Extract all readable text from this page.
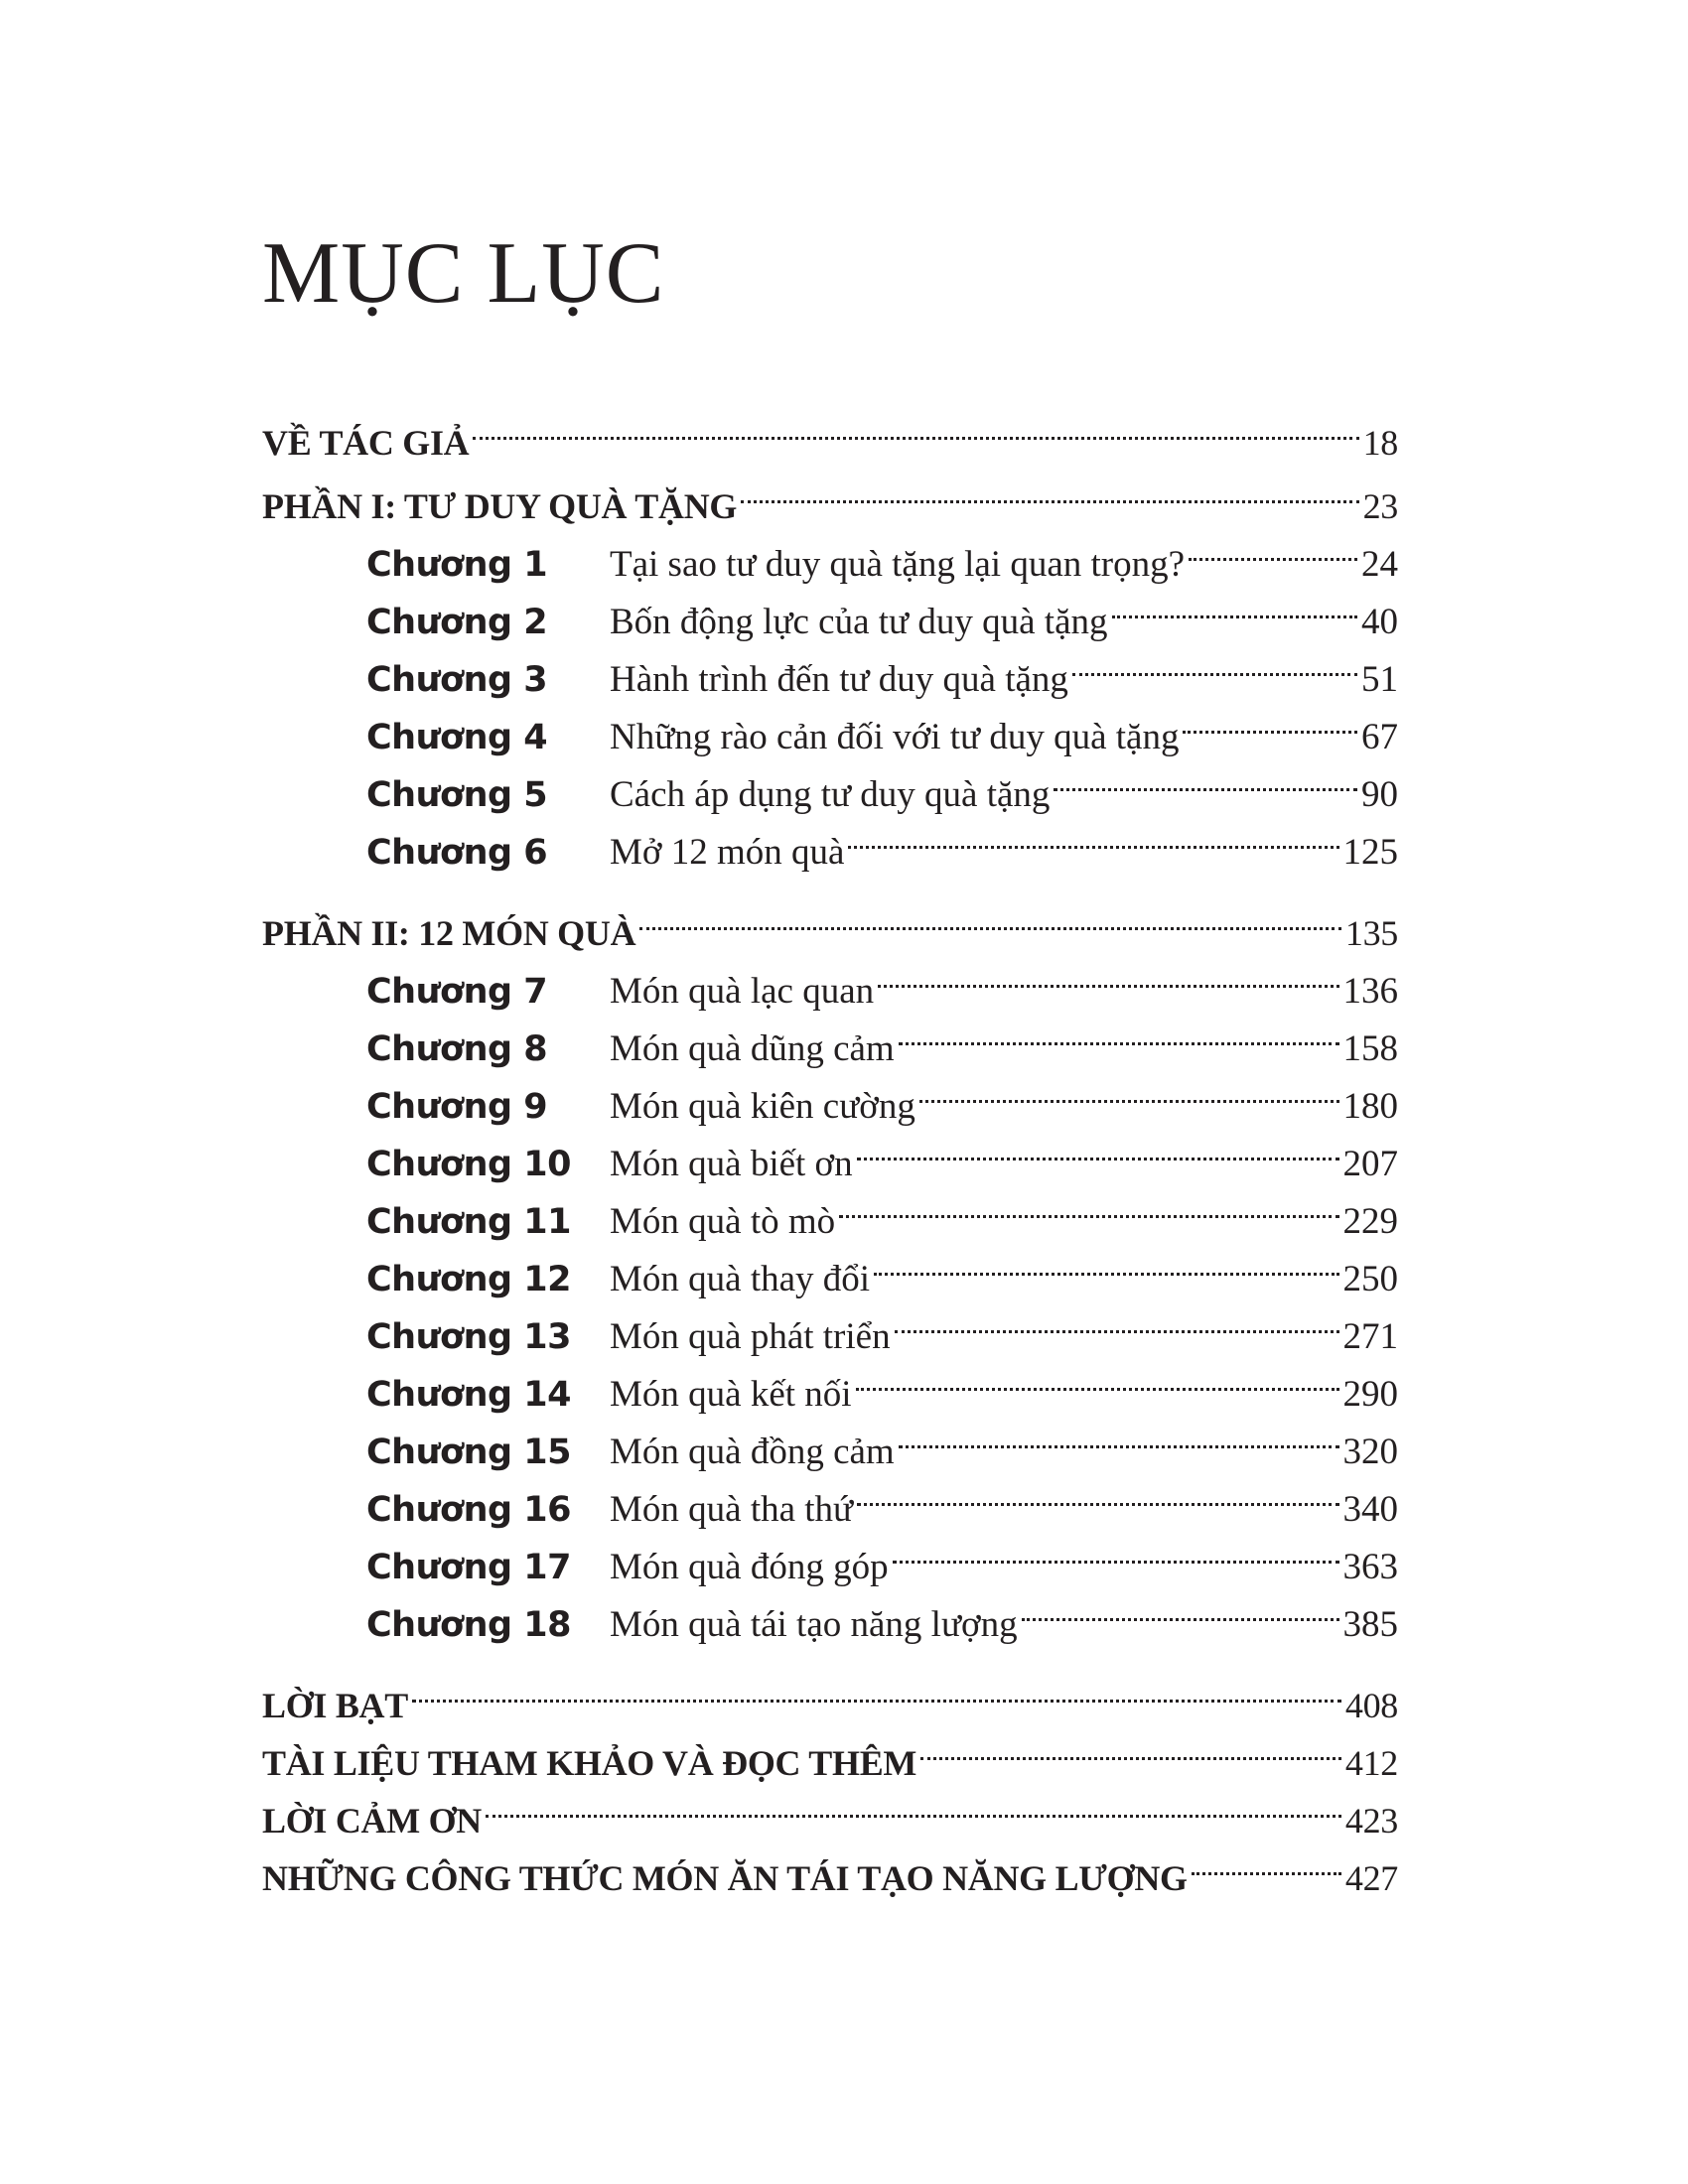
MỤC LỤC
VỀ TÁC GIẢ	18
PHẦN I: TƯ DUY QUÀ TẶNG	23
Chương 1	Tại sao tư duy quà tặng lại quan trọng?	24
Chương 2	Bốn động lực của tư duy quà tặng	40
Chương 3	Hành trình đến tư duy quà tặng	51
Chương 4	Những rào cản đối với tư duy quà tặng	67
Chương 5	Cách áp dụng tư duy quà tặng	90
Chương 6	Mở 12 món quà	125
PHẦN II: 12 MÓN QUÀ	135
Chương 7	Món quà lạc quan	136
Chương 8	Món quà dũng cảm	158
Chương 9	Món quà kiên cường	180
Chương 10	Món quà biết ơn	207
Chương 11	Món quà tò mò	229
Chương 12	Món quà thay đổi	250
Chương 13	Món quà phát triển	271
Chương 14	Món quà kết nối	290
Chương 15	Món quà đồng cảm	320
Chương 16	Món quà tha thứ	340
Chương 17	Món quà đóng góp	363
Chương 18	Món quà tái tạo năng lượng	385
LỜI BẠT	408
TÀI LIỆU THAM KHẢO VÀ ĐỌC THÊM	412
LỜI CẢM ƠN	423
NHỮNG CÔNG THỨC MÓN ĂN TÁI TẠO NĂNG LƯỢNG	427
